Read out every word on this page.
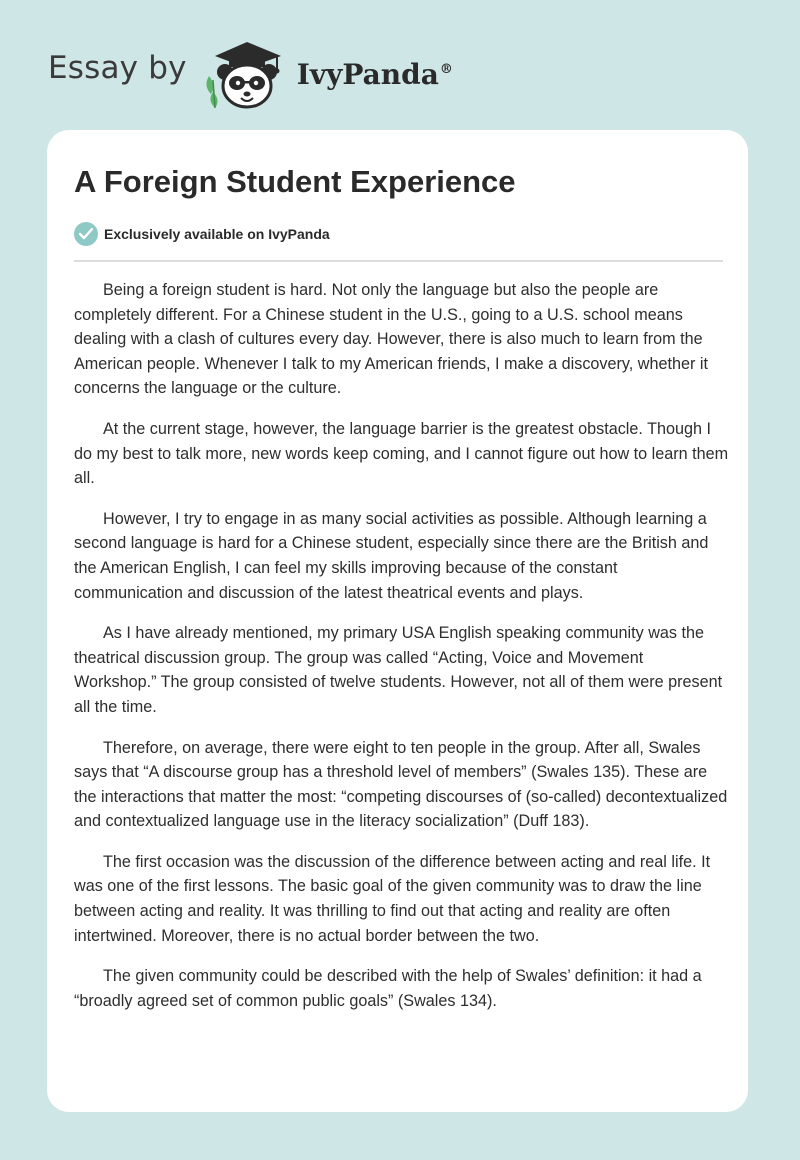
Essay by	IvyPanda®
A Foreign Student Experience
Exclusively available on IvyPanda

Being a foreign student is hard. Not only the language but also the people are completely different. For a Chinese student in the U.S., going to a U.S. school means dealing with a clash of cultures every day. However, there is also much to learn from the American people. Whenever I talk to my American friends, I make a discovery, whether it concerns the language or the culture.

At the current stage, however, the language barrier is the greatest obstacle. Though I do my best to talk more, new words keep coming, and I cannot figure out how to learn them all.

However, I try to engage in as many social activities as possible. Although learning a second language is hard for a Chinese student, especially since there are the British and the American English, I can feel my skills improving because of the constant communication and discussion of the latest theatrical events and plays.

As I have already mentioned, my primary USA English speaking community was the theatrical discussion group. The group was called “Acting, Voice and Movement Workshop.” The group consisted of twelve students. However, not all of them were present all the time.

Therefore, on average, there were eight to ten people in the group. After all, Swales says that “A discourse group has a threshold level of members” (Swales 135). These are the interactions that matter the most: “competing discourses of (so-called) decontextualized and contextualized language use in the literacy socialization” (Duff 183).

The first occasion was the discussion of the difference between acting and real life. It was one of the first lessons. The basic goal of the given community was to draw the line between acting and reality. It was thrilling to find out that acting and reality are often intertwined. Moreover, there is no actual border between the two.

The given community could be described with the help of Swales’ definition: it had a “broadly agreed set of common public goals” (Swales 134).
